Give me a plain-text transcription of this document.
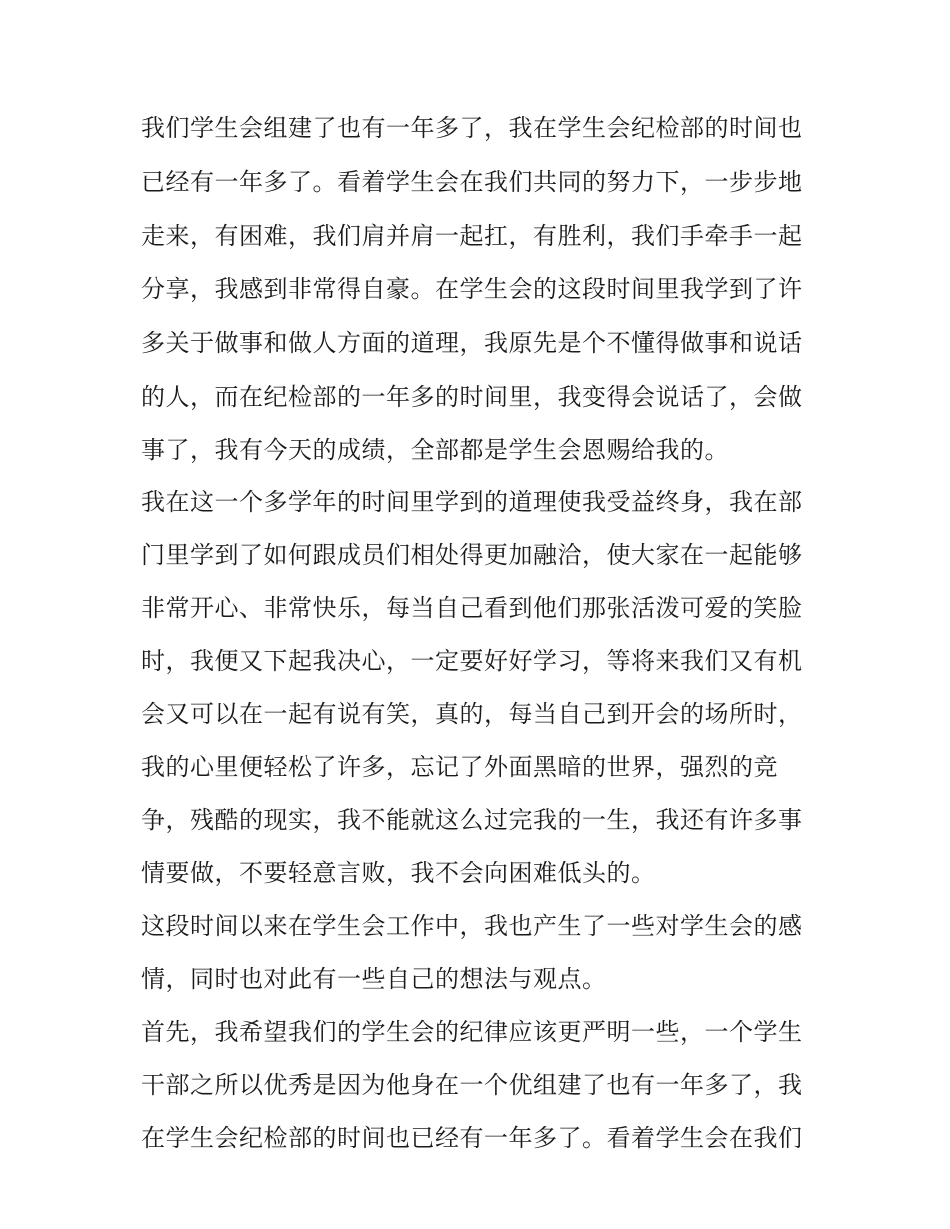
我们学生会组建了也有一年多了，我在学生会纪检部的时间也
已经有一年多了。看着学生会在我们共同的努力下，一步步地
走来，有困难，我们肩并肩一起扛，有胜利，我们手牵手一起
分享，我感到非常得自豪。在学生会的这段时间里我学到了许
多关于做事和做人方面的道理，我原先是个不懂得做事和说话
的人，而在纪检部的一年多的时间里，我变得会说话了，会做
事了，我有今天的成绩，全部都是学生会恩赐给我的。
我在这一个多学年的时间里学到的道理使我受益终身，我在部
门里学到了如何跟成员们相处得更加融洽，使大家在一起能够
非常开心、非常快乐，每当自己看到他们那张活泼可爱的笑脸
时，我便又下起我决心，一定要好好学习，等将来我们又有机
会又可以在一起有说有笑，真的，每当自己到开会的场所时，
我的心里便轻松了许多，忘记了外面黑暗的世界，强烈的竞
争，残酷的现实，我不能就这么过完我的一生，我还有许多事
情要做，不要轻意言败，我不会向困难低头的。
这段时间以来在学生会工作中，我也产生了一些对学生会的感
情，同时也对此有一些自己的想法与观点。
首先，我希望我们的学生会的纪律应该更严明一些，一个学生
干部之所以优秀是因为他身在一个优组建了也有一年多了，我
在学生会纪检部的时间也已经有一年多了。看着学生会在我们
